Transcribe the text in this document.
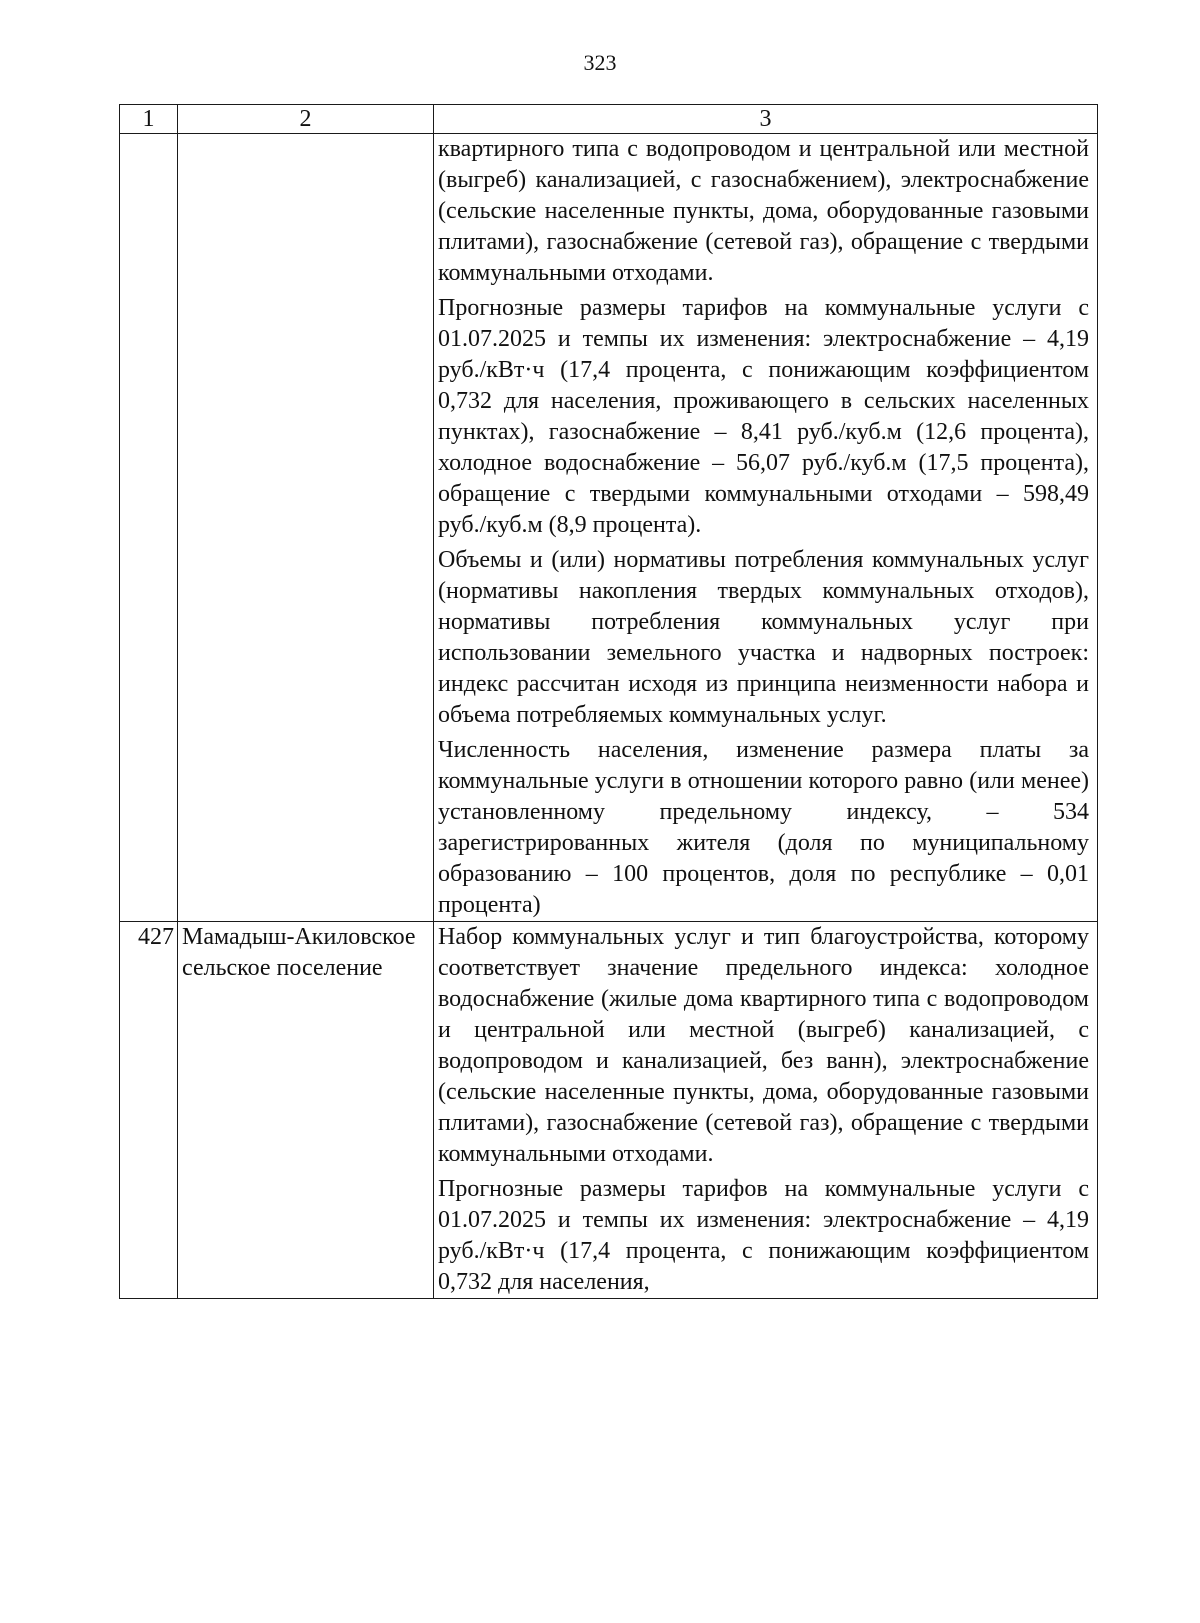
323
1	2	3

		квартирного типа с водопроводом и центральной или местной (выгреб) канализацией, с газоснабжением), электроснабжение (сельские населенные пункты, дома, оборудованные газовыми плитами), газоснабжение (сетевой газ), обращение с твердыми коммунальными отходами.

Прогнозные размеры тарифов на коммунальные услуги с 01.07.2025 и темпы их изменения: электроснабжение – 4,19 руб./кВт·ч (17,4 процента, с понижающим коэффициентом 0,732 для населения, проживающего в сельских населенных пунктах), газоснабжение – 8,41 руб./куб.м (12,6 процента), холодное водоснабжение – 56,07 руб./куб.м (17,5 процента), обращение с твердыми коммунальными отходами – 598,49 руб./куб.м (8,9 процента).

Объемы и (или) нормативы потребления коммунальных услуг (нормативы накопления твердых коммунальных отходов), нормативы потребления коммунальных услуг при использовании земельного участка и надворных построек: индекс рассчитан исходя из принципа неизменности набора и объема потребляемых коммунальных услуг.

Численность населения, изменение размера платы за коммунальные услуги в отношении которого равно (или менее) установленному предельному индексу, – 534 зарегистрированных жителя (доля по муниципальному образованию – 100 процентов, доля по республике – 0,01 процента)

427	Мамадыш-Акиловское сельское поселение	Набор коммунальных услуг и тип благоустройства, которому соответствует значение предельного индекса: холодное водоснабжение (жилые дома квартирного типа с водопроводом и центральной или местной (выгреб) канализацией, с водопроводом и канализацией, без ванн), электроснабжение (сельские населенные пункты, дома, оборудованные газовыми плитами), газоснабжение (сетевой газ), обращение с твердыми коммунальными отходами.

Прогнозные размеры тарифов на коммунальные услуги с 01.07.2025 и темпы их изменения: электроснабжение – 4,19 руб./кВт·ч (17,4 процента, с понижающим коэффициентом 0,732 для населения,
